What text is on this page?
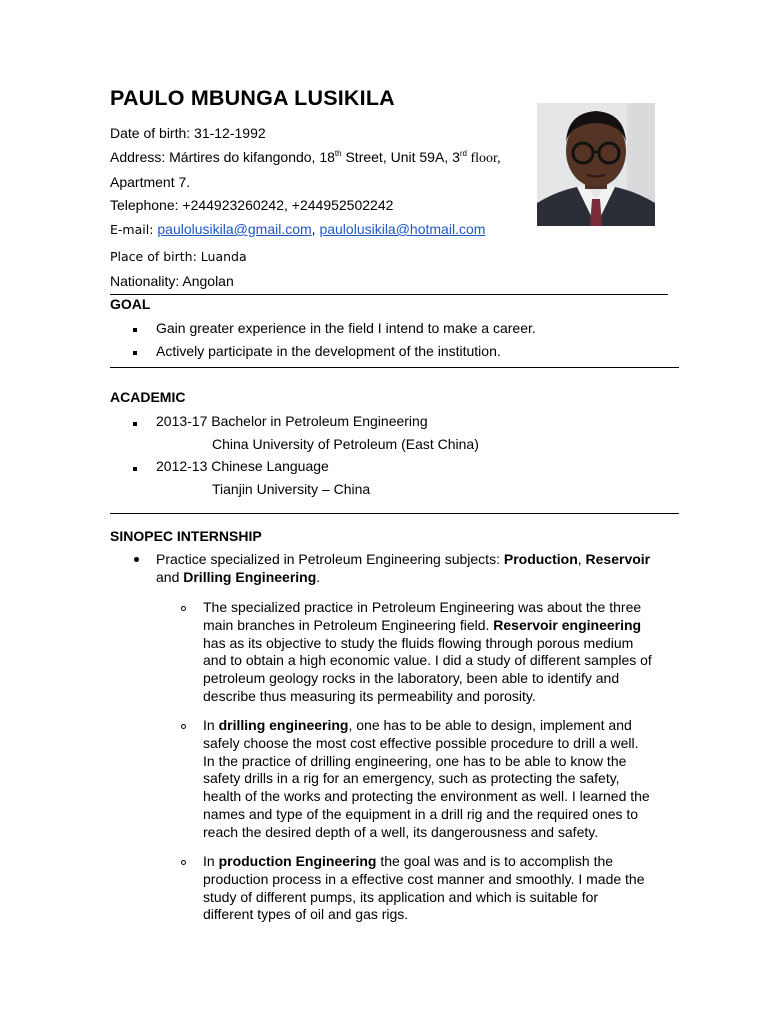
PAULO MBUNGA LUSIKILA
Date of birth: 31-12-1992
Address: Mártires do kifangondo, 18th Street, Unit 59A, 3rd floor,
Apartment 7.
Telephone: +244923260242, +244952502242
E-mail: paulolusikila@gmail.com, paulolusikila@hotmail.com
Place of birth: Luanda
Nationality: Angolan
GOAL
Gain greater experience in the field I intend to make a career.
Actively participate in the development of the institution.
ACADEMIC
2013-17 Bachelor in Petroleum Engineering
China University of Petroleum (East China)
2012-13 Chinese Language
Tianjin University – China
SINOPEC INTERNSHIP
Practice specialized in Petroleum Engineering subjects: Production, Reservoir
and Drilling Engineering.
The specialized practice in Petroleum Engineering was about the three
main branches in Petroleum Engineering field. Reservoir engineering
has as its objective to study the fluids flowing through porous medium
and to obtain a high economic value. I did a study of different samples of
petroleum geology rocks in the laboratory, been able to identify and
describe thus measuring its permeability and porosity.
In drilling engineering, one has to be able to design, implement and
safely choose the most cost effective possible procedure to drill a well.
In the practice of drilling engineering, one has to be able to know the
safety drills in a rig for an emergency, such as protecting the safety,
health of the works and protecting the environment as well. I learned the
names and type of the equipment in a drill rig and the required ones to
reach the desired depth of a well, its dangerousness and safety.
In production Engineering the goal was and is to accomplish the
production process in a effective cost manner and smoothly. I made the
study of different pumps, its application and which is suitable for
different types of oil and gas rigs.
